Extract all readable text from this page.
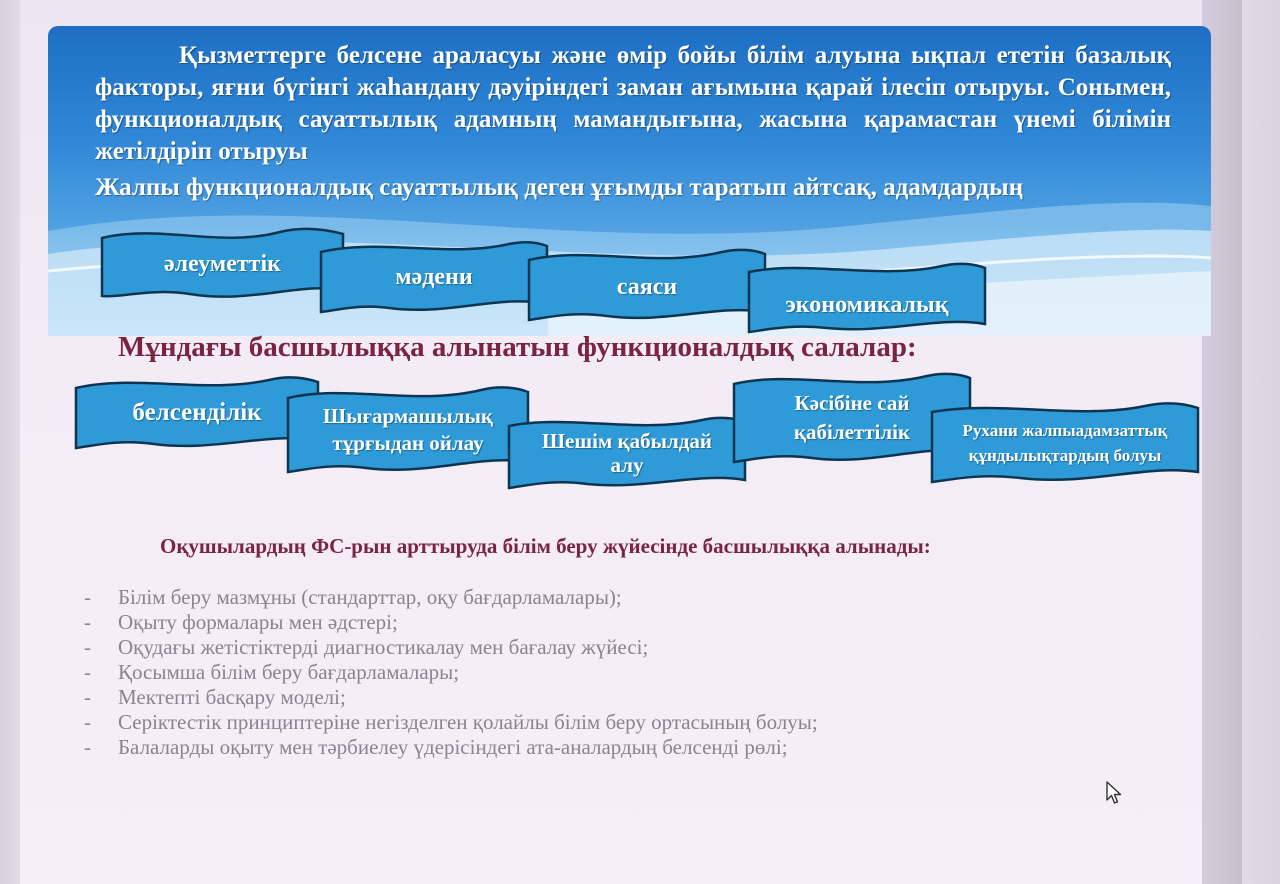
Қызметтерге белсене араласуы және өмір бойы білім алуына ықпал ететін базалық факторы, яғни бүгінгі жаһандану дәуіріндегі заман ағымына қарай ілесіп отыруы. Сонымен, функционалдық сауаттылық адамның мамандығына, жасына қарамастан үнемі білімін жетілдіріп отыруы
Жалпы функционалдық сауаттылық деген ұғымды таратып айтсақ, адамдардың
әлеуметтік	мәдени	саяси
экономикалық
Мұндағы басшылыққа алынатын функционалдық салалар:
белсенділік	Шығармашылық
тұрғыдан ойлау	Шешім қабылдай
алу
Кәсібіне сай
қабілеттілік	Рухани жалпыадамзаттық
құндылықтардың болуы
Оқушылардың ФС-рын арттыруда білім беру жүйесінде басшылыққа алынады:
- Білім беру мазмұны (стандарттар, оқу бағдарламалары);
- Оқыту формалары мен әдстері;
- Оқудағы жетістіктерді диагностикалау мен бағалау жүйесі;
- Қосымша білім беру бағдарламалары;
- Мектепті басқару моделі;
- Серіктестік принциптеріне негізделген қолайлы білім беру ортасының болуы;
- Балаларды оқыту мен тәрбиелеу үдерісіндегі ата-аналардың белсенді рөлі;
